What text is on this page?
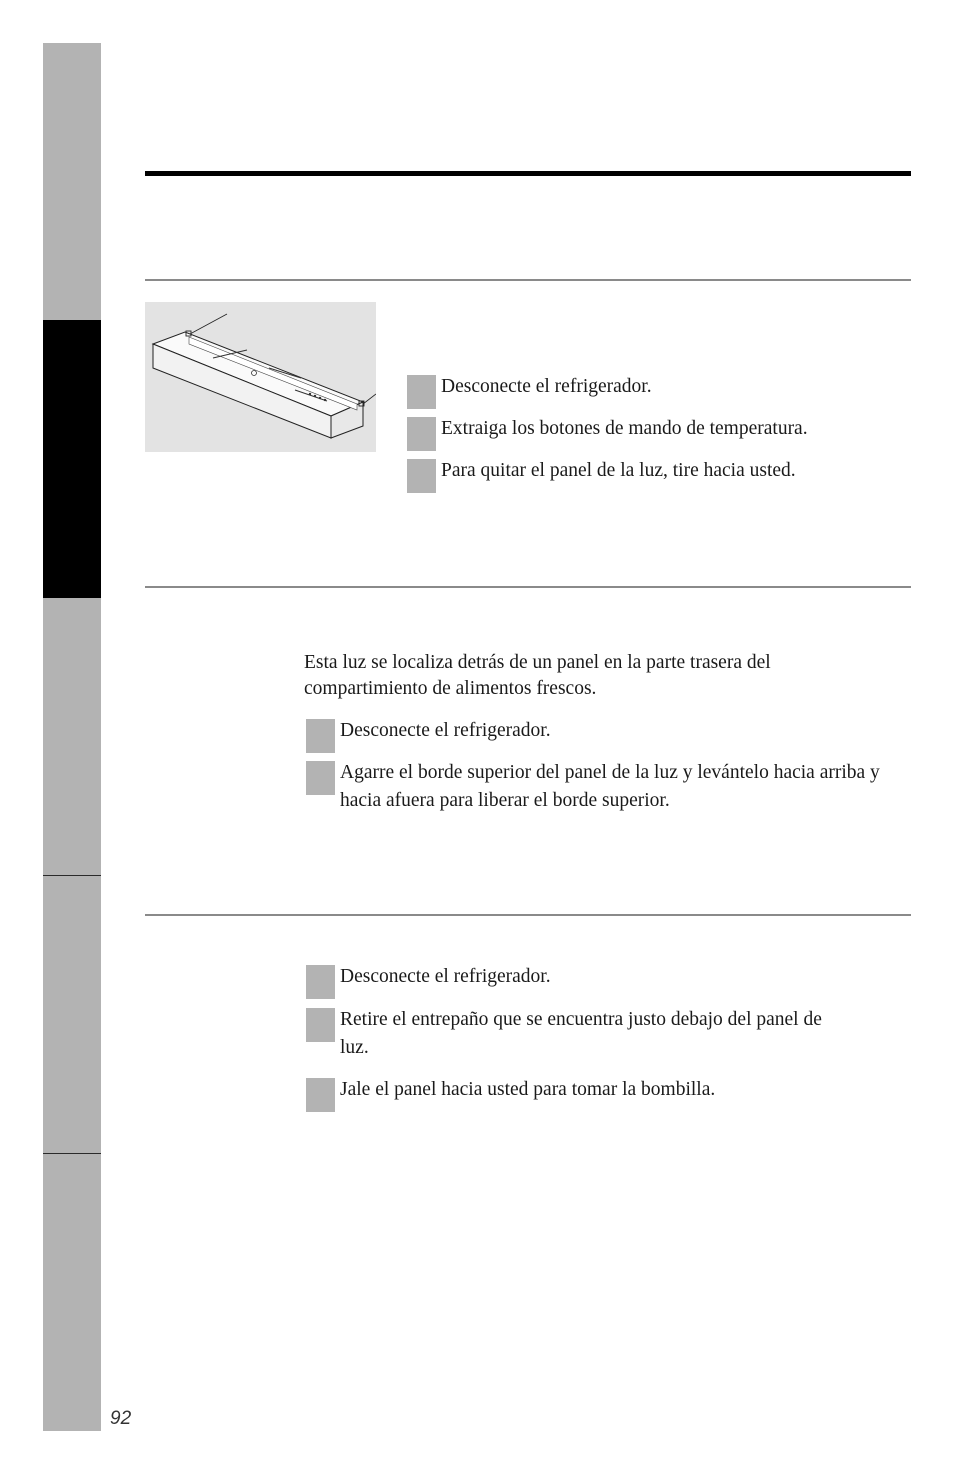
Desconecte el refrigerador.
Extraiga los botones de mando de temperatura.
Para quitar el panel de la luz, tire hacia usted.
Esta luz se localiza detrás de un panel en la parte trasera del compartimiento de alimentos frescos.
Desconecte el refrigerador.
Agarre el borde superior del panel de la luz y levántelo hacia arriba y hacia afuera para liberar el borde superior.
Desconecte el refrigerador.
Retire el entrepaño que se encuentra justo debajo del panel de luz.
Jale el panel hacia usted para tomar la bombilla.
92
